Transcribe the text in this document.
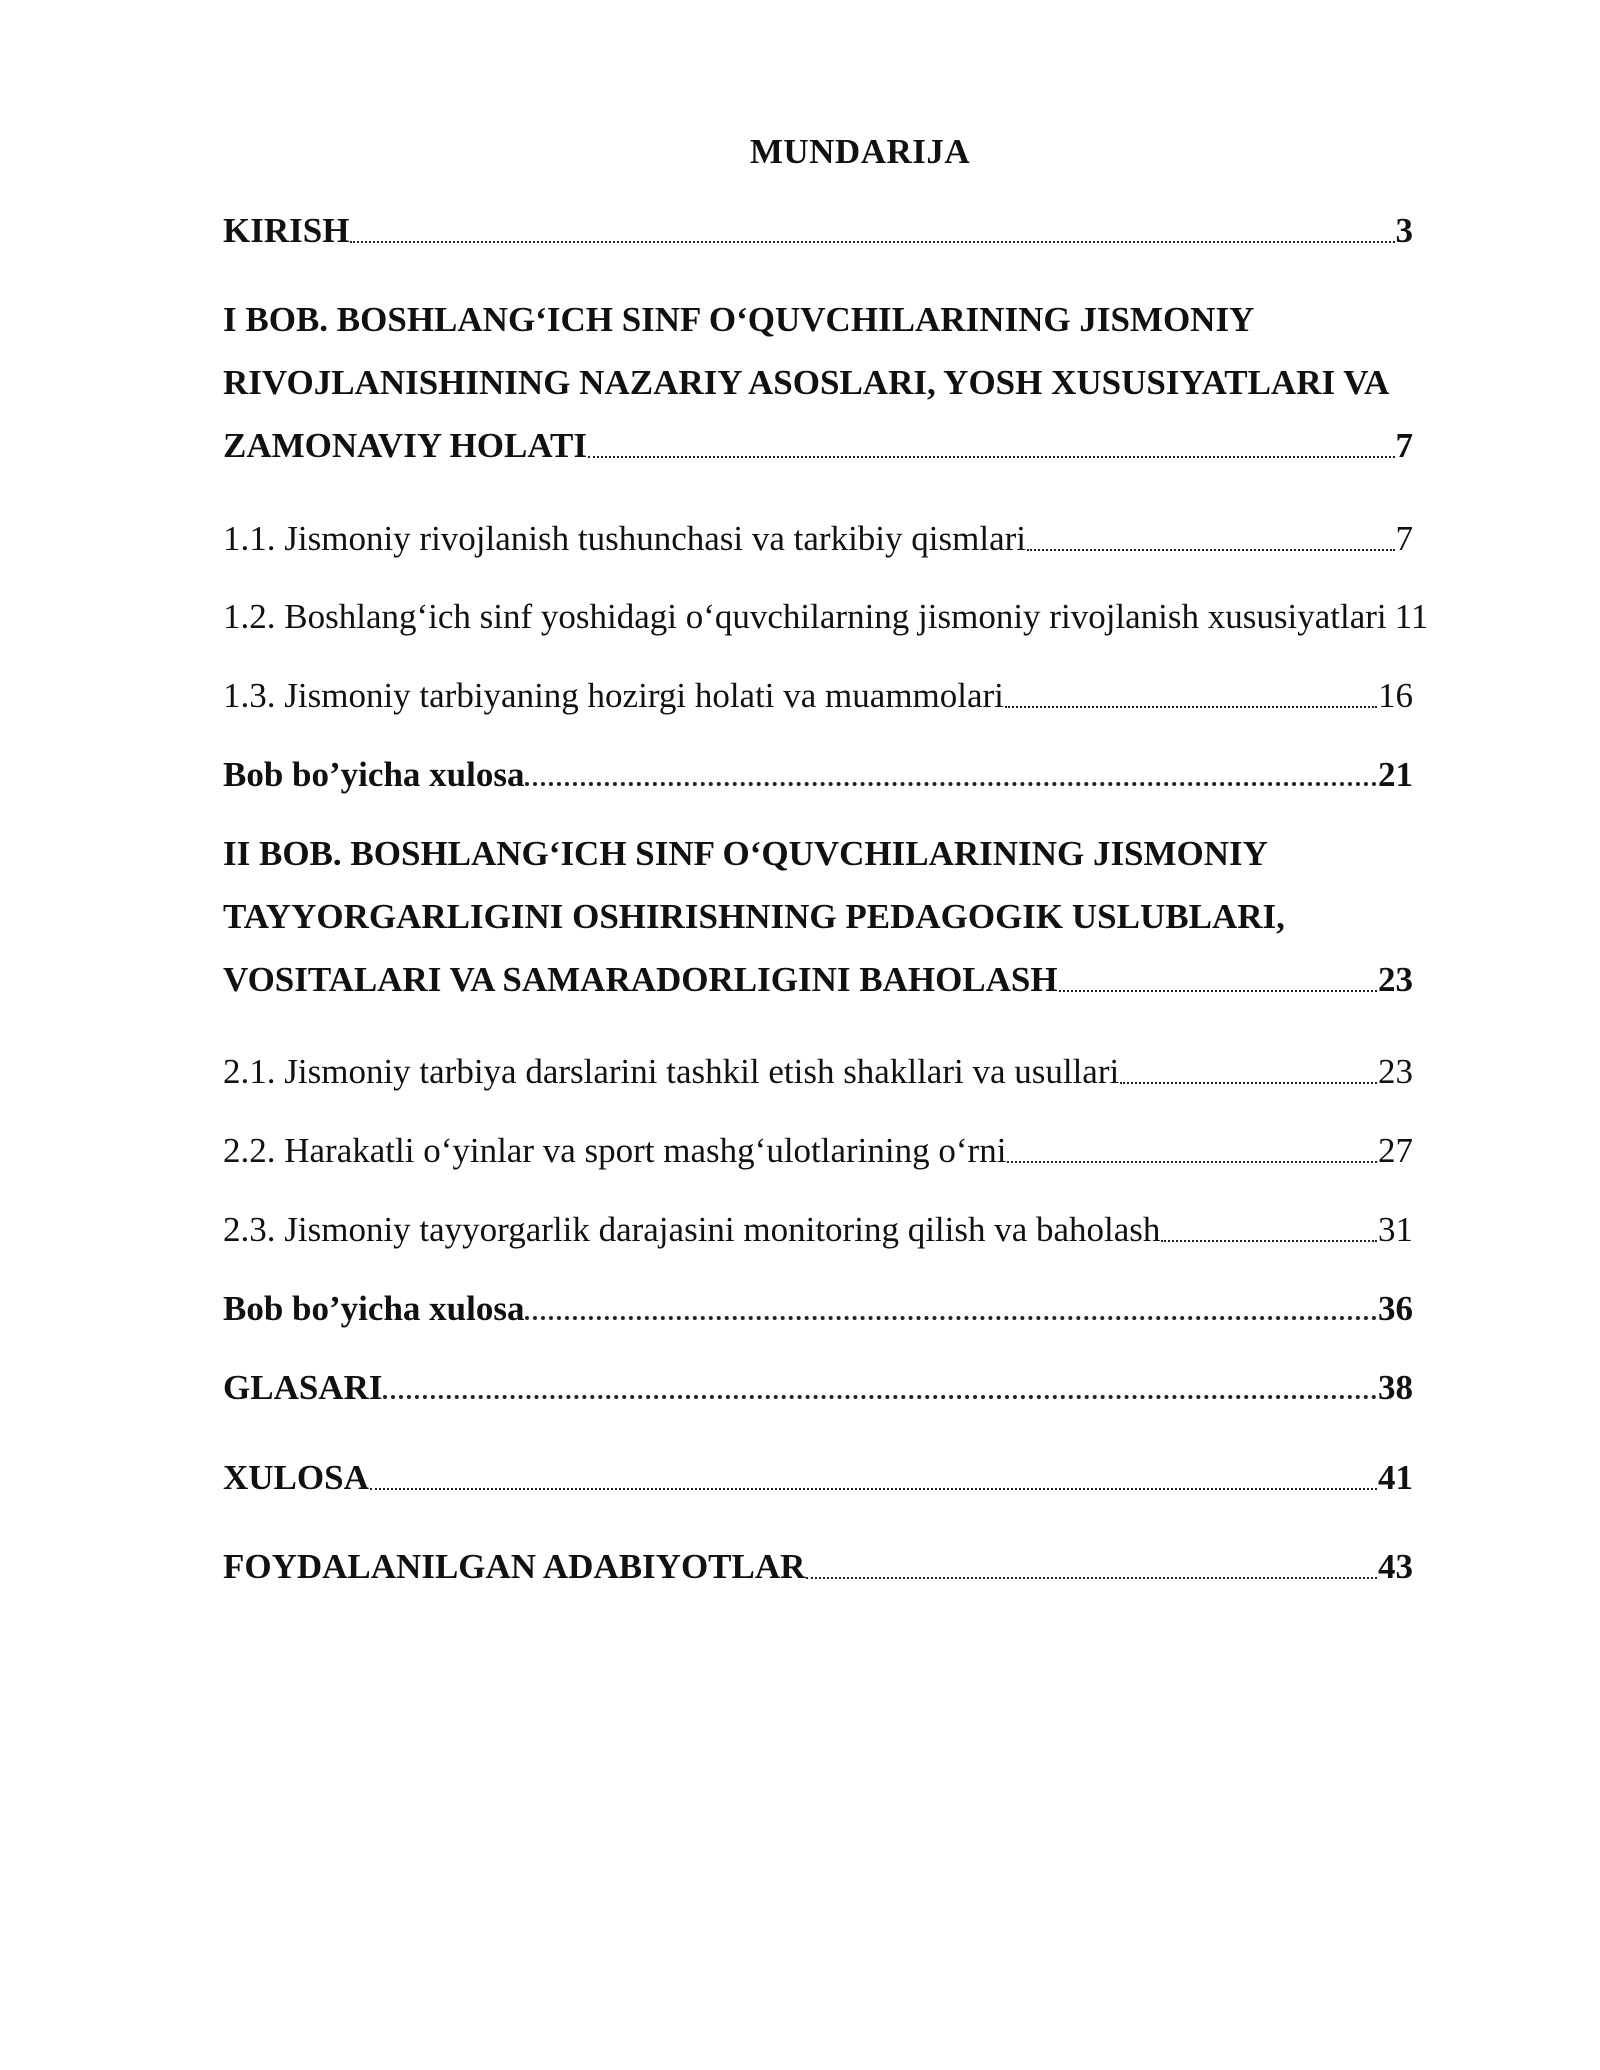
MUNDARIJA
KIRISH	3
I BOB. BOSHLANG‘ICH SINF O‘QUVCHILARINING JISMONIY
RIVOJLANISHINING NAZARIY ASOSLARI, YOSH XUSUSIYATLARI VA
ZAMONAVIY HOLATI	7
1.1. Jismoniy rivojlanish tushunchasi va tarkibiy qismlari	7
1.2. Boshlang‘ich sinf yoshidagi o‘quvchilarning jismoniy rivojlanish xususiyatlari 11
1.3. Jismoniy tarbiyaning hozirgi holati va muammolari	16
Bob bo’yicha xulosa	21
II BOB. BOSHLANG‘ICH SINF O‘QUVCHILARINING JISMONIY
TAYYORGARLIGINI OSHIRISHNING PEDAGOGIK USLUBLARI,
VOSITALARI VA SAMARADORLIGINI BAHOLASH	23
2.1. Jismoniy tarbiya darslarini tashkil etish shakllari va usullari	23
2.2. Harakatli o‘yinlar va sport mashg‘ulotlarining o‘rni	27
2.3. Jismoniy tayyorgarlik darajasini monitoring qilish va baholash	31
Bob bo’yicha xulosa	36
GLASARI	38
XULOSA	41
FOYDALANILGAN ADABIYOTLAR	43
